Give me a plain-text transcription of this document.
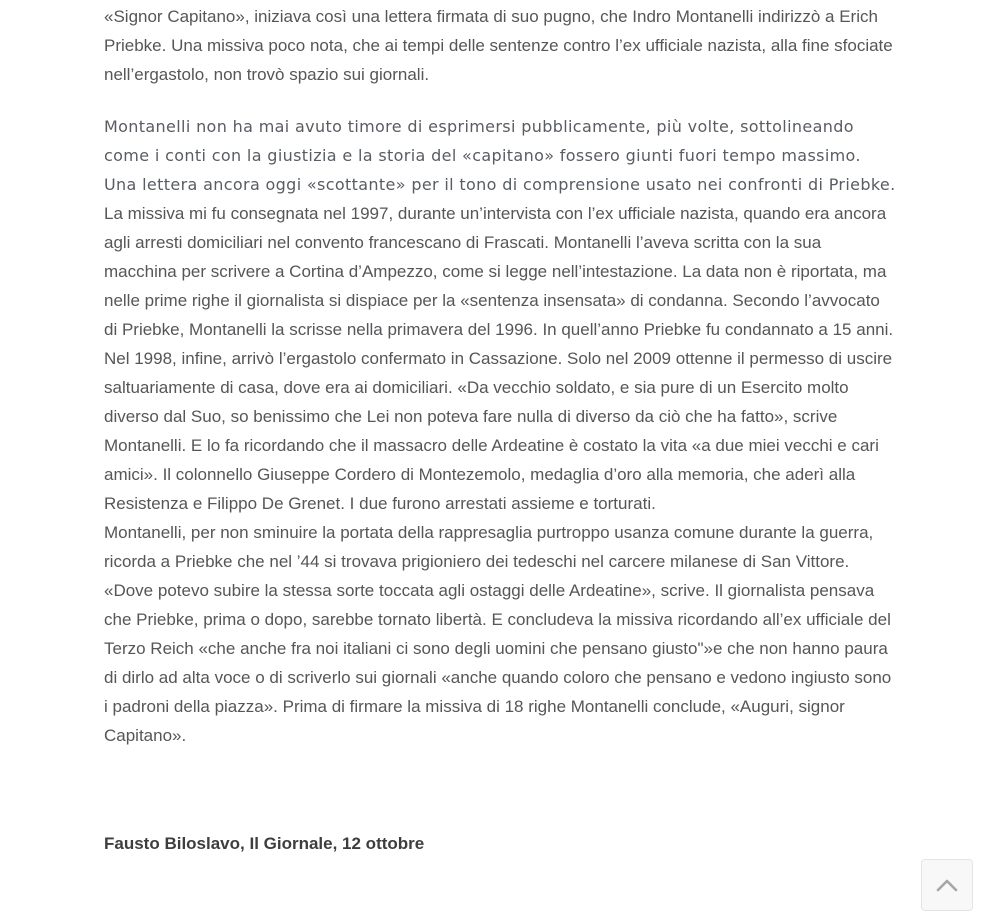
«Signor Capitano», iniziava così una lettera firmata di suo pugno, che Indro Montanelli indirizzò a Erich Priebke. Una missiva poco nota, che ai tempi delle sentenze contro l’ex ufficiale nazista, alla fine sfociate nell’ergastolo, non trovò spazio sui giornali.

Montanelli non ha mai avuto timore di esprimersi pubblicamente, più volte, sottolineando come i conti con la giustizia e la storia del «capitano» fossero giunti fuori tempo massimo. Una lettera ancora oggi «scottante» per il tono di comprensione usato nei confronti di Priebke.

La missiva mi fu consegnata nel 1997, durante un’intervista con l’ex ufficiale nazista, quando era ancora agli arresti domiciliari nel convento francescano di Frascati. Montanelli l’aveva scritta con la sua macchina per scrivere a Cortina d’Ampezzo, come si legge nell’intestazione. La data non è riportata, ma nelle prime righe il giornalista si dispiace per la «sentenza insensata» di condanna. Secondo l’avvocato di Priebke, Montanelli la scrisse nella primavera del 1996. In quell’anno Priebke fu condannato a 15 anni. Nel 1998, infine, arrivò l’ergastolo confermato in Cassazione. Solo nel 2009 ottenne il permesso di uscire saltuariamente di casa, dove era ai domiciliari. «Da vecchio soldato, e sia pure di un Esercito molto diverso dal Suo, so benissimo che Lei non poteva fare nulla di diverso da ciò che ha fatto», scrive Montanelli. E lo fa ricordando che il massacro delle Ardeatine è costato la vita «a due miei vecchi e cari amici». Il colonnello Giuseppe Cordero di Montezemolo, medaglia d’oro alla memoria, che aderì alla Resistenza e Filippo De Grenet. I due furono arrestati assieme e torturati.

Montanelli, per non sminuire la portata della rappresaglia purtroppo usanza comune durante la guerra, ricorda a Priebke che nel ’44 si trovava prigioniero dei tedeschi nel carcere milanese di San Vittore. «Dove potevo subire la stessa sorte toccata agli ostaggi delle Ardeatine», scrive. Il giornalista pensava che Priebke, prima o dopo, sarebbe tornato libertà. E concludeva la missiva ricordando all’ex ufficiale del Terzo Reich «che anche fra noi italiani ci sono degli uomini che pensano giusto"»e che non hanno paura di dirlo ad alta voce o di scriverlo sui giornali «anche quando coloro che pensano e vedono ingiusto sono i padroni della piazza». Prima di firmare la missiva di 18 righe Montanelli conclude, «Auguri, signor Capitano».

Fausto Biloslavo, Il Giornale, 12 ottobre
